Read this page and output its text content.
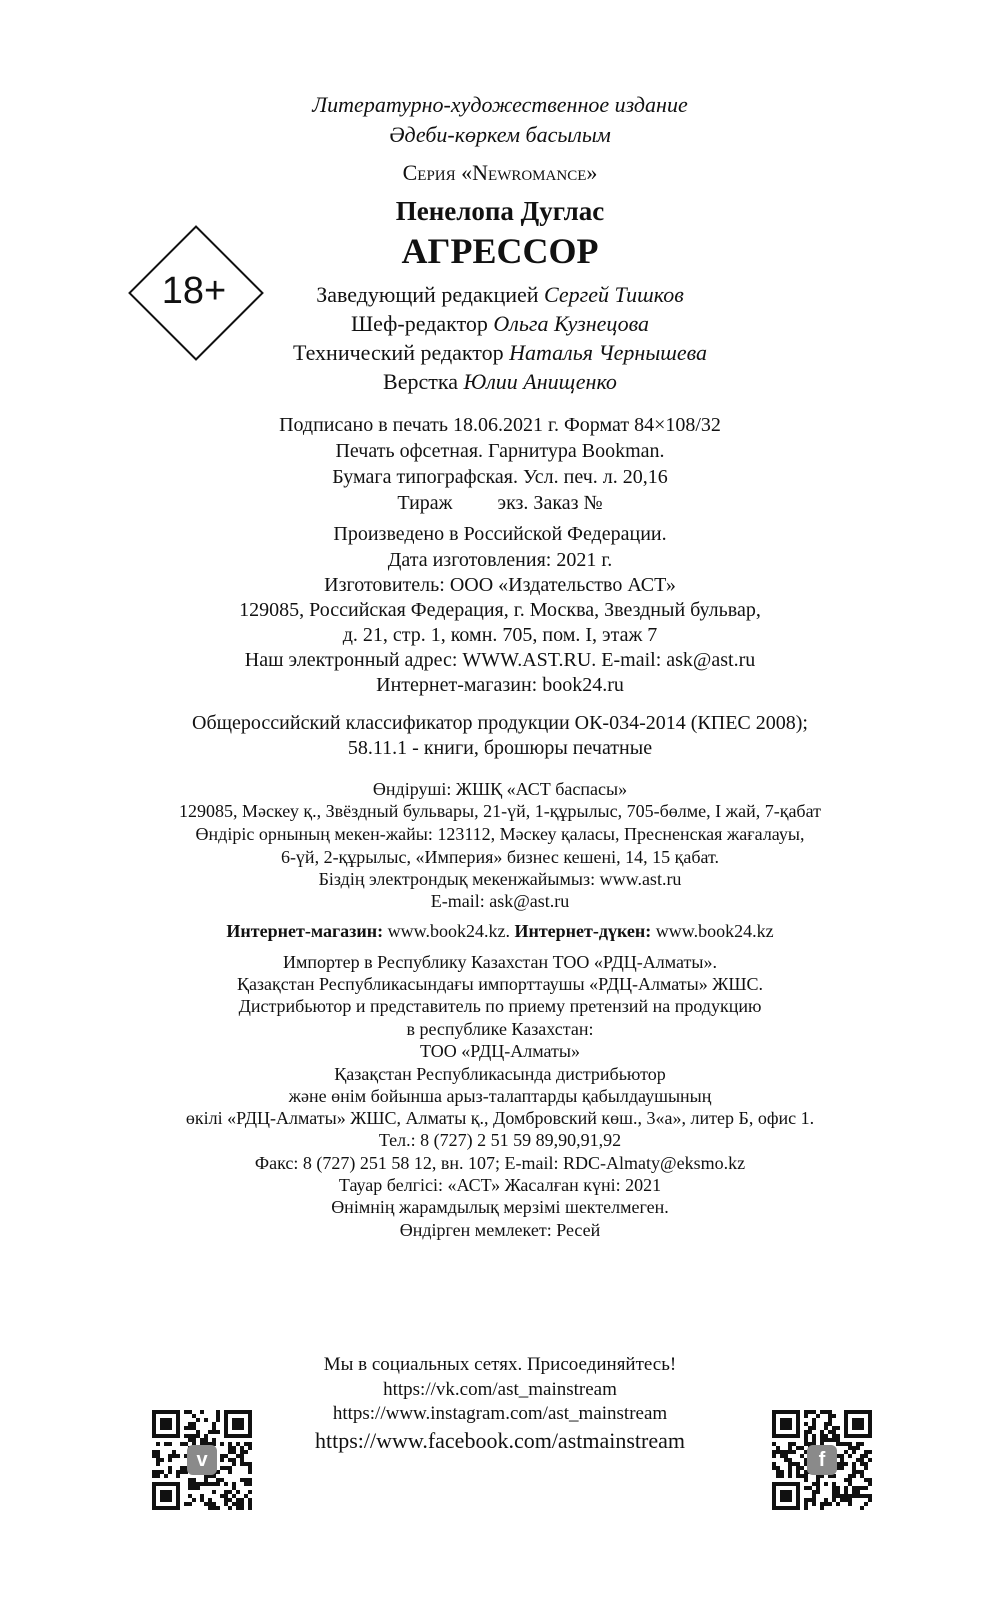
18+
Литературно-художественное издание
Әдеби-көркем басылым
Серия «Newromance»
Пенелопа Дуглас
АГРЕССОР
Заведующий редакцией Сергей Тишков
Шеф-редактор Ольга Кузнецова
Технический редактор Наталья Чернышева
Верстка Юлии Анищенко
Подписано в печать 18.06.2021 г. Формат 84×108/32
Печать офсетная. Гарнитура Bookman.
Бумага типографская. Усл. печ. л. 20,16
Тираж         экз. Заказ №
Произведено в Российской Федерации.
Дата изготовления: 2021 г.
Изготовитель: ООО «Издательство АСТ»
129085, Российская Федерация, г. Москва, Звездный бульвар,
д. 21, стр. 1, комн. 705, пом. I, этаж 7
Наш электронный адрес: WWW.AST.RU. E-mail: ask@ast.ru
Интернет-магазин: book24.ru
Общероссийский классификатор продукции ОК-034-2014 (КПЕС 2008);
58.11.1 - книги, брошюры печатные
Өндіруші: ЖШҚ «АСТ баспасы»
129085, Мәскеу қ., Звёздный бульвары, 21-үй, 1-құрылыс, 705-бөлме, I жай, 7-қабат
Өндіріс орнының мекен-жайы: 123112, Мәскеу қаласы, Пресненская жағалауы,
6-үй, 2-құрылыс, «Империя» бизнес кешені, 14, 15 қабат.
Біздің электрондық мекенжайымыз: www.ast.ru
E-mail: ask@ast.ru
Интернет-магазин: www.book24.kz. Интернет-дүкен: www.book24.kz
Импортер в Республику Казахстан ТОО «РДЦ-Алматы».
Қазақстан Республикасындағы импорттаушы «РДЦ-Алматы» ЖШС.
Дистрибьютор и представитель по приему претензий на продукцию
в республике Казахстан:
ТОО «РДЦ-Алматы»
Қазақстан Республикасында дистрибьютор
және өнім бойынша арыз-талаптарды қабылдаушының
өкілі «РДЦ-Алматы» ЖШС, Алматы қ., Домбровский көш., 3«а», литер Б, офис 1.
Тел.: 8 (727) 2 51 59 89,90,91,92
Факс: 8 (727) 251 58 12, вн. 107; E-mail: RDC-Almaty@eksmo.kz
Тауар белгісі: «АСТ» Жасалған күні: 2021
Өнімнің жарамдылық мерзімі шектелмеген.
Өндірген мемлекет: Ресей
Мы в социальных сетях. Присоединяйтесь!
https://vk.com/ast_mainstream
https://www.instagram.com/ast_mainstream
https://www.facebook.com/astmainstream
v	f
